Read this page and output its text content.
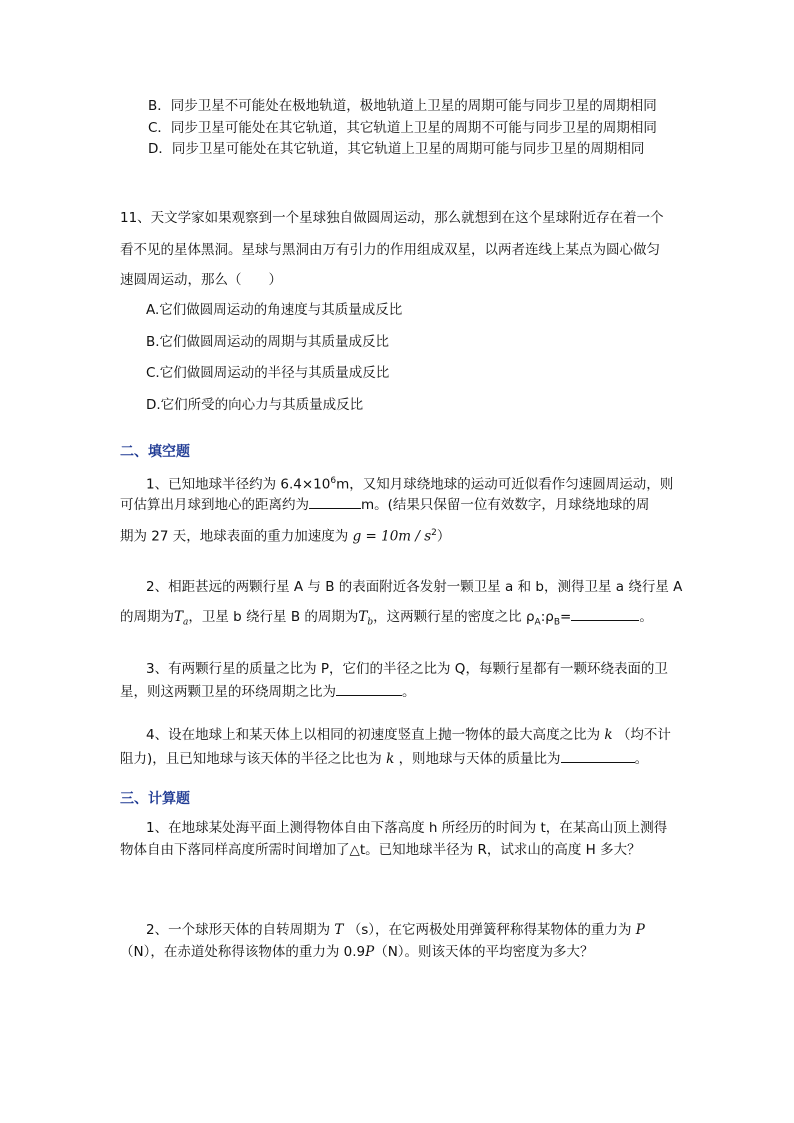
B．同步卫星不可能处在极地轨道，极地轨道上卫星的周期可能与同步卫星的周期相同
C．同步卫星可能处在其它轨道，其它轨道上卫星的周期不可能与同步卫星的周期相同
D．同步卫星可能处在其它轨道，其它轨道上卫星的周期可能与同步卫星的周期相同
11、天文学家如果观察到一个星球独自做圆周运动，那么就想到在这个星球附近存在着一个
看不见的星体黑洞。星球与黑洞由万有引力的作用组成双星，以两者连线上某点为圆心做匀
速圆周运动，那么（　　）
A.它们做圆周运动的角速度与其质量成反比
B.它们做圆周运动的周期与其质量成反比
C.它们做圆周运动的半径与其质量成反比
D.它们所受的向心力与其质量成反比
二、填空题
1、已知地球半径约为 $6.4\times 10^6m$，又知月球绕地球的运动可近似看作匀速圆周运动，则
可估算出月球到地心的距离约为	m。(结果只保留一位有效数字，月球绕地球的周
期为 27 天，地球表面的重力加速度为 $g = 10m / s^2$）
2、相距甚远的两颗行星 A 与 B 的表面附近各发射一颗卫星 a 和 b，测得卫星 a 绕行星 A
的周期为$T_a$，卫星 b 绕行星 B 的周期为$T_b$，这两颗行星的密度之比 $\rho_A:\rho_B=$	。
3、有两颗行星的质量之比为 P，它们的半径之比为 Q，每颗行星都有一颗环绕表面的卫
星，则这两颗卫星的环绕周期之比为	。
4、设在地球上和某天体上以相同的初速度竖直上抛一物体的最大高度之比为 k （均不计
阻力)，且已知地球与该天体的半径之比也为 k ，则地球与天体的质量比为	。
三、计算题
1、在地球某处海平面上测得物体自由下落高度 h 所经历的时间为 t，在某高山顶上测得
物体自由下落同样高度所需时间增加了△t。已知地球半径为 R，试求山的高度 H 多大？
2、一个球形天体的自转周期为 T （s），在它两极处用弹簧秤称得某物体的重力为 P
（N），在赤道处称得该物体的重力为 0.9P（N）。则该天体的平均密度为多大？
